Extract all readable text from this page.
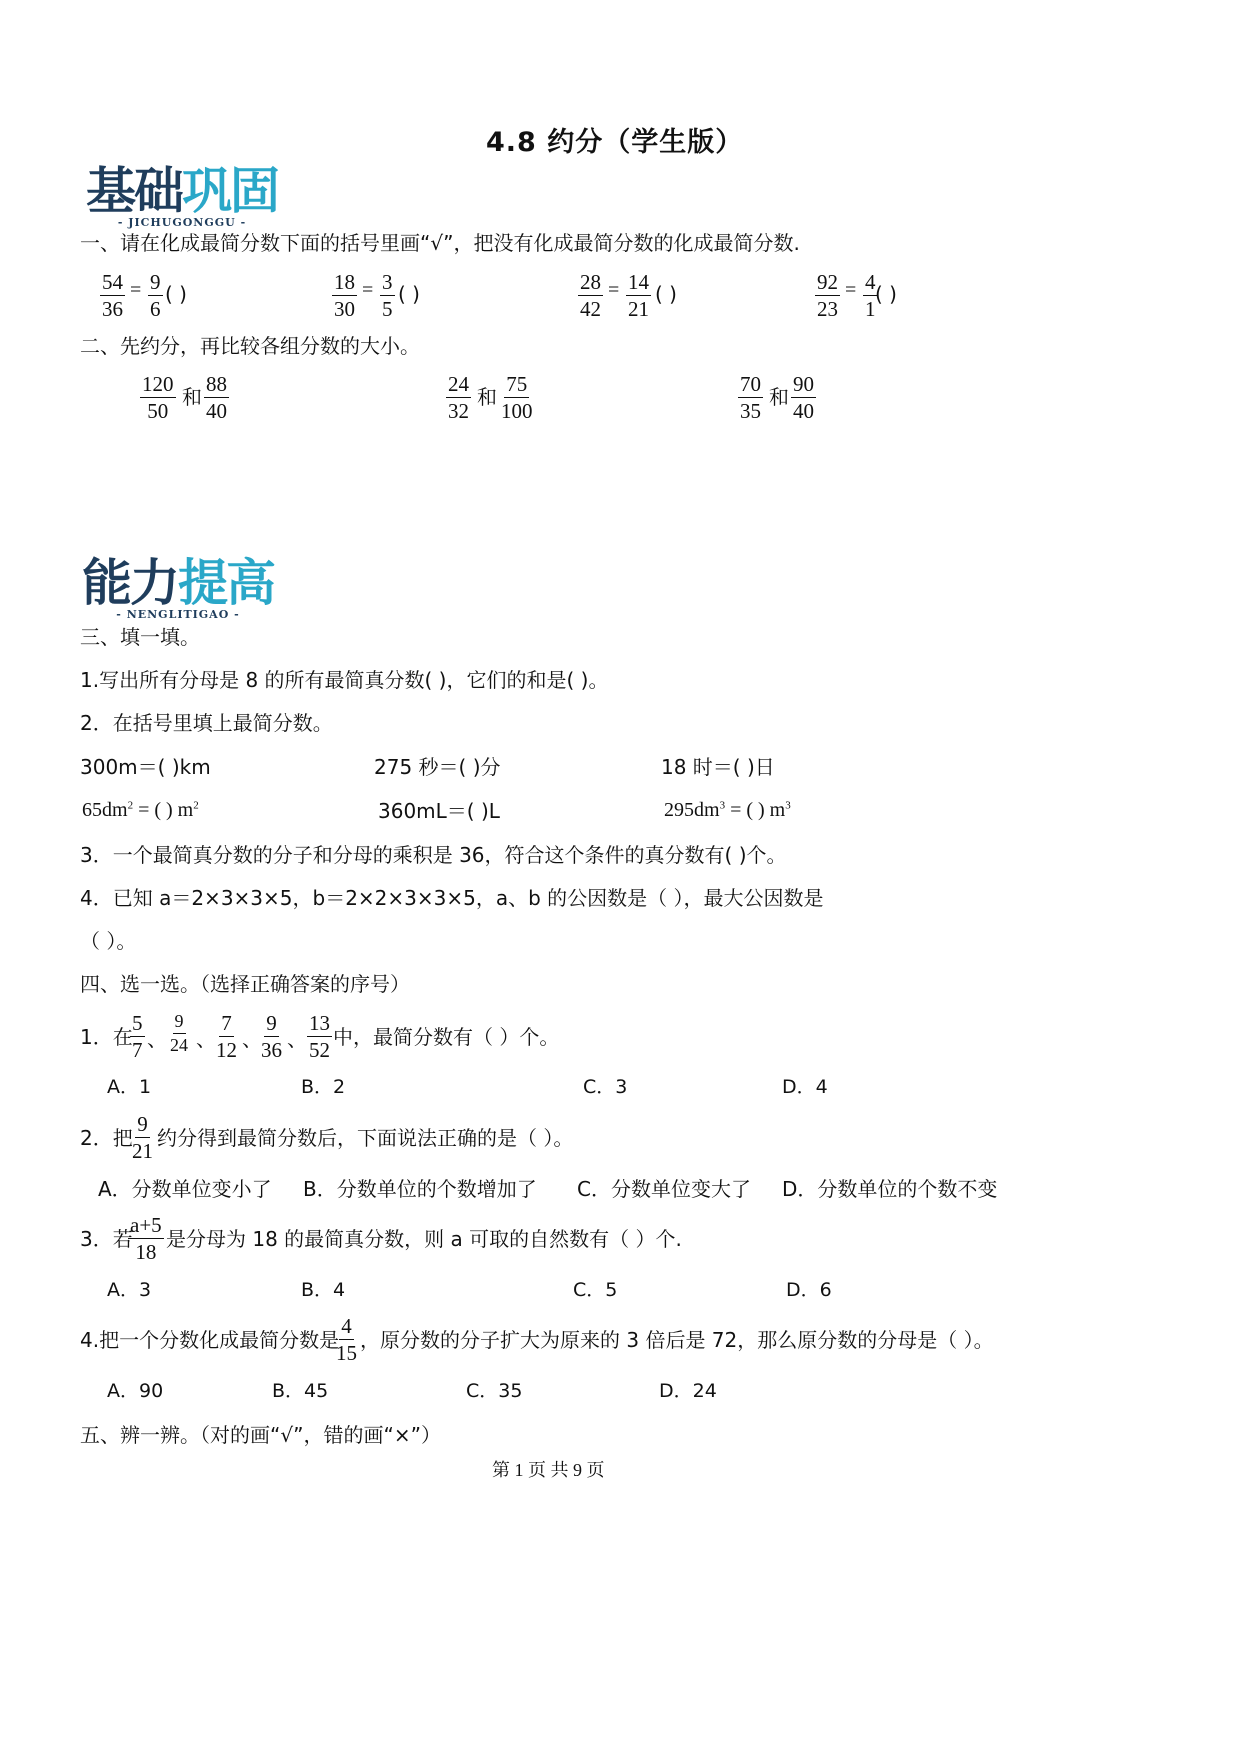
4.8 约分（学生版）
基础巩固
- JICHUGONGGU -
一、请在化成最简分数下面的括号里画“√”，把没有化成最简分数的化成最简分数.
$\frac{54}{36} = \frac{9}{6}$ ( )	$\frac{18}{30} = \frac{3}{5}$ ( )	$\frac{28}{42} = \frac{14}{21}$ ( )	$\frac{92}{23} = \frac{4}{1}$
( )
二、先约分，再比较各组分数的大小。
$\frac{120}{50}$ 和 $\frac{88}{40}$	$\frac{24}{32}$ 和 $\frac{75}{100}$	$\frac{70}{35}$ 和 $\frac{90}{40}$
能力提高
- NENGLITIGAO -
三、填一填。
1.写出所有分母是 8 的所有最简真分数( )，它们的和是( )。
2．在括号里填上最简分数。
300m＝( )km	275 秒＝( )分	18 时＝( )日
$65dm^2$ = ( ) $m^2$	360mL＝( )L	$295dm^3$ = ( ) $m^3$
3．一个最简真分数的分子和分母的乘积是 36，符合这个条件的真分数有( )个。
4．已知 a＝2×3×3×5，b＝2×2×3×3×5，a、b 的公因数是（ ），最大公因数是
（ ）。
四、选一选。（选择正确答案的序号）
1．在
$\frac{5}{7}$ 、 $\frac{9}{24}$ 、
$\frac{7}{12}$ 、
$\frac{9}{36}$ 、 $\frac{13}{52}$ 中，最简分数有（ ）个。
A．1	B．2	C．3	D．4
2．把
$\frac{9}{21}$ 约分得到最简分数后，下面说法正确的是（ ）。
A．分数单位变小了 B．分数单位的个数增加了 C．分数单位变大了 D．分数单位的个数不变
3．若
$\frac{a+5}{18}$ 是分母为 18 的最简真分数，则 a 可取的自然数有（ ）个.
A．3	B．4	C．5	D．6
4.把一个分数化成最简分数是
$\frac{4}{15}$ ，原分数的分子扩大为原来的 3 倍后是 72，那么原分数的分母是（ ）。
A．90	B．45	C．35	D．24
五、辨一辨。（对的画“√”，错的画“×”）
第 1 页 共 9 页
